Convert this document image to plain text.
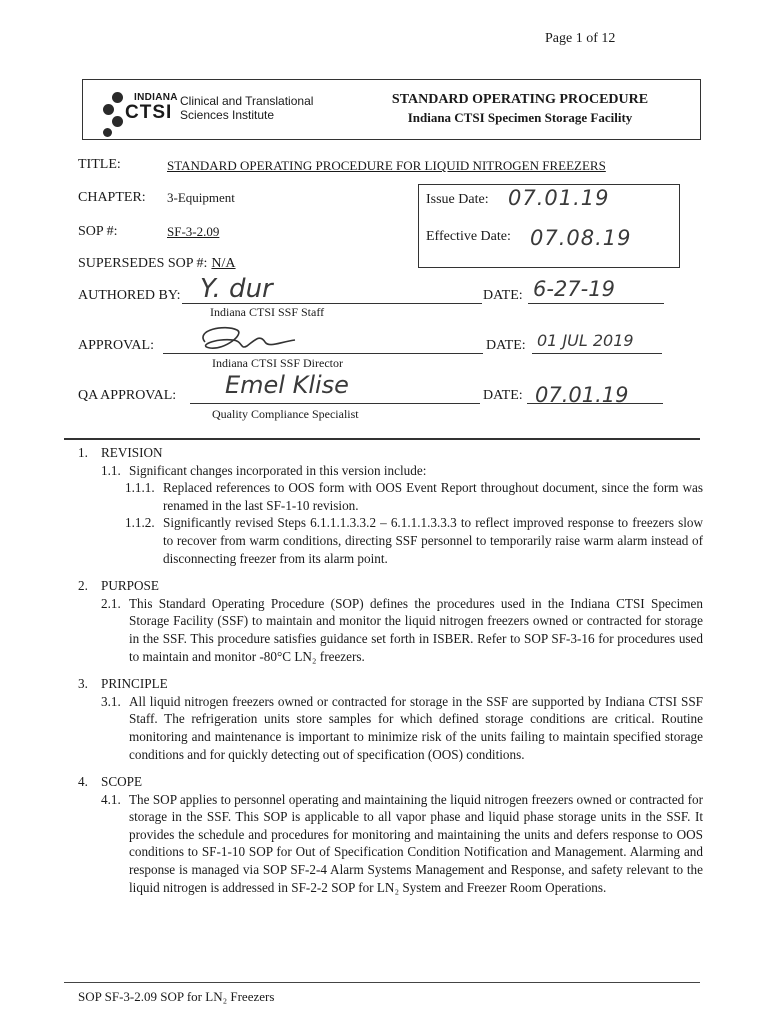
Page 1 of 12
INDIANA
CTSI
Clinical and Translational
Sciences Institute
STANDARD OPERATING PROCEDURE
Indiana CTSI Specimen Storage Facility
TITLE:	STANDARD OPERATING PROCEDURE FOR LIQUID NITROGEN FREEZERS
CHAPTER: 3-Equipment
SOP #:	SF-3-2.09
SUPERSEDES SOP #: N/A
Issue Date: 07.01.19
Effective Date: 07.08.19
AUTHORED BY: Y. dur
Indiana CTSI SSF Staff
DATE: 6-27-19
APPROVAL:
Indiana CTSI SSF Director
DATE: 01 JUL 2019
QA APPROVAL: Emel Klise
Quality Compliance Specialist
DATE: 07.01.19
1. REVISION
1.1. Significant changes incorporated in this version include:
1.1.1. Replaced references to OOS form with OOS Event Report throughout document, since the form was renamed in the last SF-1-10 revision.
1.1.2. Significantly revised Steps 6.1.1.1.3.3.2 – 6.1.1.1.3.3.3 to reflect improved response to freezers slow to recover from warm conditions, directing SSF personnel to temporarily raise warm alarm instead of disconnecting freezer from its alarm point.
2. PURPOSE
2.1. This Standard Operating Procedure (SOP) defines the procedures used in the Indiana CTSI Specimen Storage Facility (SSF) to maintain and monitor the liquid nitrogen freezers owned or contracted for storage in the SSF. This procedure satisfies guidance set forth in ISBER. Refer to SOP SF-3-16 for procedures used to maintain and monitor -80°C LN₂ freezers.
3. PRINCIPLE
3.1. All liquid nitrogen freezers owned or contracted for storage in the SSF are supported by Indiana CTSI SSF Staff. The refrigeration units store samples for which defined storage conditions are critical. Routine monitoring and maintenance is important to minimize risk of the units failing to maintain specified storage conditions and for quickly detecting out of specification (OOS) conditions.
4. SCOPE
4.1. The SOP applies to personnel operating and maintaining the liquid nitrogen freezers owned or contracted for storage in the SSF. This SOP is applicable to all vapor phase and liquid phase storage units in the SSF. It provides the schedule and procedures for monitoring and maintaining the units and defers response to OOS conditions to SF-1-10 SOP for Out of Specification Condition Notification and Management. Alarming and response is managed via SOP SF-2-4 Alarm Systems Management and Response, and safety relevant to the liquid nitrogen is addressed in SF-2-2 SOP for LN₂ System and Freezer Room Operations.
SOP SF-3-2.09 SOP for LN₂ Freezers
